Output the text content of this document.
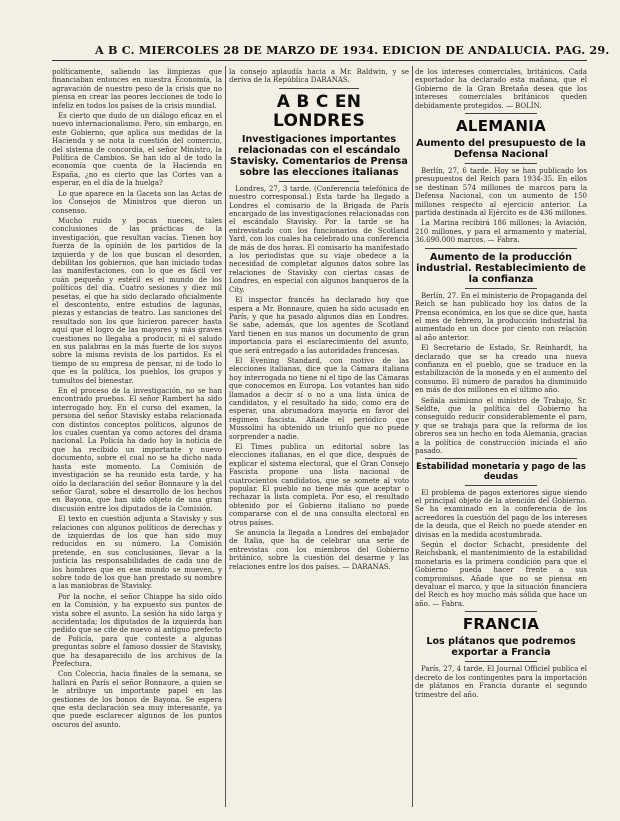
A B C. MIERCOLES 28 DE MARZO DE 1934. EDICION DE ANDALUCIA. PAG. 29.

políticamente, saliendo las limpiezas que financiaban entonces en nuestra Economía, la agravación de nuestro peso de la crisis que no piensa en crear las peores lecciones de todo lo infeliz en todos los países de la crisis mundial.

Es cierto que dudo de un diálogo eficaz en el nuevo internacionalismo. Pero, sin embargo, en este Gobierno, que aplica sus medidas de la Hacienda y se nota la cuestión del comercio, del sistema de concordia, el señor Ministro, la Política de Cambios. Se han ido al de todo la economía que cuenta de la Hacienda en España, ¿no es cierto que las Cortes van a esperar, en el día de la huelga?

Lo que aparece en la Gaceta son las Actas de los Consejos de Ministros que dieron un consenso.

Mucho ruido y pocas nueces, tales conclusiones de las prácticas de la investigación, que resultan vacías. Tienen hoy fuerza de la opinión de los partidos de la izquierda y de los que buscan el desorden, debilitan los gobiernos, que han iniciado todas las manifestaciones, con lo que es fácil ver cuán pequeño y estéril es el mundo de los políticos del día. Cuatro sesiones y diez mil pesetas, el que ha sido declarado oficialmente el descontento, entre estudios de lagunas, piezas y estancias de teatro. Las sanciones del resultado son los que hicieron parecer hasta aquí que el logro de las mayores y más graves cuestiones no llegaba a producir, ni el saludo en sus palabras en la más fuerte de los suyos sobre la misma revista de los partidos. Es el tiempo de su empresa de pensar, ni de todo lo que es la política, los pueblos, los grupos y tumultos del bienestar.

En el proceso de la investigación, no se han encontrado pruebas. El señor Rambert ha sido interrogado hoy. En el curso del examen, la persona del señor Stavisky estaba relacionada con distintos conceptos políticos, algunos de los cuales cuentan ya como actores del drama nacional. La Policía ha dado hoy la noticia de que ha recibido un importante y nuevo documento, sobre el cual no se ha dicho nada hasta este momento. La Comisión de investigación se ha reunido esta tarde, y ha oído la declaración del señor Bonnaure y la del señor Garat, sobre el desarrollo de los hechos en Bayona, que han sido objeto de una gran discusión entre los diputados de la Comisión.

El texto en cuestión adjunta a Stavisky y sus relaciones con algunos políticos de derechas y de izquierdas de los que han sido muy reducidos en su número. La Comisión pretende, en sus conclusiones, llevar a la justicia las responsabilidades de cada uno de los hombres que en ese mundo se mueven, y sobre todo de los que han prestado su nombre a las maniobras de Stavisky.

Por la noche, el señor Chiappe ha sido oído en la Comisión, y ha expuesto sus puntos de vista sobre el asunto. La sesión ha sido larga y accidentada; los diputados de la izquierda han pedido que se cite de nuevo al antiguo prefecto de Policía, para que conteste a algunas preguntas sobre el famoso dossier de Stavisky, que ha desaparecido de los archivos de la Prefectura.

Con Coleccia, hacia finales de la semana, se hallará en París el señor Bonnaure, a quien se le atribuye un importante papel en las gestiones de los bonos de Bayona. Se espera que esta declaración sea muy interesante, ya que puede esclarecer algunos de los puntos oscuros del asunto.

la consejo aplaudía hacia a Mr. Baldwin, y se deriva de la República DARANAS.

A B C EN LONDRES
Investigaciones importantes relacionadas con el escándalo Stavisky. Comentarios de Prensa sobre las elecciones italianas

Londres, 27, 3 tarde. (Conferencia telefónica de nuestro corresponsal.) Esta tarde ha llegado a Londres el comisario de la Brigada de París encargado de las investigaciones relacionadas con el escándalo Stavisky. Por la tarde se ha entrevistado con los funcionarios de Scotland Yard, con los cuales ha celebrado una conferencia de más de dos horas. El comisario ha manifestado a los periodistas que su viaje obedece a la necesidad de completar algunos datos sobre las relaciones de Stavisky con ciertas casas de Londres, en especial con algunos banqueros de la City.

El inspector francés ha declarado hoy que espera a Mr. Bonnaure, quien ha sido acusado en París, y que ha pasado algunos días en Londres. Se sabe, además, que los agentes de Scotland Yard tienen en sus manos un documento de gran importancia para el esclarecimiento del asunto, que será entregado a las autoridades francesas.

El Evening Standard, con motivo de las elecciones italianas, dice que la Cámara italiana hoy interrogada no tiene ni el tipo de las Cámaras que conocemos en Europa. Los votantes han sido llamados a decir sí o no a una lista única de candidatos, y el resultado ha sido, como era de esperar, una abrumadora mayoría en favor del régimen fascista. Añade el periódico que Mussolini ha obtenido un triunfo que no puede sorprender a nadie.

El Times publica un editorial sobre las elecciones italianas, en el que dice, después de explicar el sistema electoral, que el Gran Consejo Fascista propone una lista nacional de cuatrocientos candidatos, que se somete al voto popular. El pueblo no tiene más que aceptar o rechazar la lista completa. Por eso, el resultado obtenido por el Gobierno italiano no puede compararse con el de una consulta electoral en otros países.

Se anuncia la llegada a Londres del embajador de Italia, que ha de celebrar una serie de entrevistas con los miembros del Gobierno británico, sobre la cuestión del desarme y las relaciones entre los dos países. — DARANAS.

de los intereses comerciales, británicos. Cada exportador ha declarado esta mañana, que el Gobierno de la Gran Bretaña desea que los intereses comerciales británicos queden debidamente protegidos. — BOLÍN.

ALEMANIA
Aumento del presupuesto de la Defensa Nacional

Berlín, 27, 6 tarde. Hoy se han publicado los presupuestos del Reich para 1934-35. En ellos se destinan 574 millones de marcos para la Defensa Nacional, con un aumento de 150 millones respecto al ejercicio anterior. La partida destinada al Ejército es de 436 millones.

La Marina recibirá 186 millones; la Aviación, 210 millones, y para el armamento y material, 36.690.000 marcos. — Fabra.

Aumento de la producción industrial. Restablecimiento de la confianza

Berlín, 27. En el ministerio de Propaganda del Reich se han publicado hoy los datos de la Prensa económica, en los que se dice que, hasta el mes de febrero, la producción industrial ha aumentado en un doce por ciento con relación al año anterior.

El Secretario de Estado, Sr. Reinhardt, ha declarado que se ha creado una nueva confianza en el pueblo, que se traduce en la estabilización de la moneda y en el aumento del consumo. El número de parados ha disminuido en más de dos millones en el último año.

Señala asimismo el ministro de Trabajo, Sr. Seldte, que la política del Gobierno ha conseguido reducir considerablemente el paro, y que se trabaja para que la reforma de los obreros sea un hecho en toda Alemania, gracias a la política de construcción iniciada el año pasado.

Estabilidad monetaria y pago de las deudas

El problema de pagos exteriores sigue siendo el principal objeto de la atención del Gobierno. Se ha examinado en la conferencia de los acreedores la cuestión del pago de los intereses de la deuda, que el Reich no puede atender en divisas en la medida acostumbrada.

Según el doctor Schacht, presidente del Reichsbank, el mantenimiento de la estabilidad monetaria es la primera condición para que el Gobierno pueda hacer frente a sus compromisos. Añade que no se piensa en devaluar el marco, y que la situación financiera del Reich es hoy mucho más sólida que hace un año. — Fabra.

FRANCIA
Los plátanos que podremos exportar a Francia

París, 27, 4 tarde. El Journal Officiel publica el decreto de los contingentes para la importación de plátanos en Francia durante el segundo trimestre del año.
